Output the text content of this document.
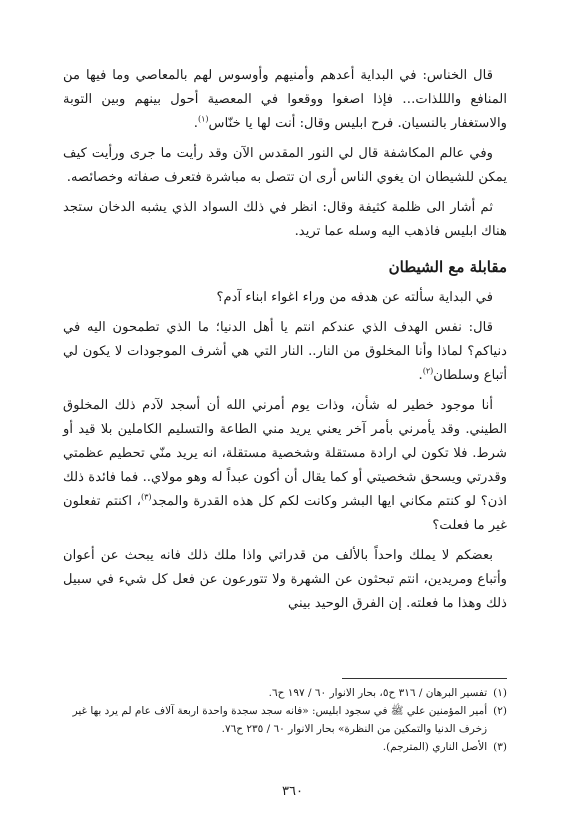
قال الخناس: في البداية أعدهم وأمنيهم وأوسوس لهم بالمعاصي وما فيها من المنافع والللذات… فإذا اصغوا ووقعوا في المعصية أحول بينهم وبين التوبة والاستغفار بالنسيان. فرح ابليس وقال: أنت لها يا خنّاس$^{(١)}$.

وفي عالم المكاشفة قال لي النور المقدس الآن وقد رأيت ما جرى ورأيت كيف يمكن للشيطان ان يغوي الناس أرى ان تتصل به مباشرة فتعرف صفاته وخصائصه.

ثم أشار الى ظلمة كثيفة وقال: انظر في ذلك السواد الذي يشبه الدخان ستجد هناك ابليس فاذهب اليه وسله عما تريد.

مقابلة مع الشيطان

في البداية سألته عن هدفه من وراء اغواء ابناء آدم؟

قال: نفس الهدف الذي عندكم انتم يا أهل الدنيا؛ ما الذي تطمحون اليه في دنياكم؟ لماذا وأنا المخلوق من النار.. النار التي هي أشرف الموجودات لا يكون لي أتباع وسلطان$^{(٢)}$.

أنا موجود خطير له شأن، وذات يوم أمرني الله أن أسجد لآدم ذلك المخلوق الطيني. وقد يأمرني بأمر آخر يعني يريد مني الطاعة والتسليم الكاملين بلا قيد أو شرط. فلا تكون لي ارادة مستقلة وشخصية مستقلة، انه يريد منّي تحطيم عظمتي وقدرتي ويسحق شخصيتي أو كما يقال أن أكون عبداً له وهو مولاي.. فما فائدة ذلك اذن؟ لو كنتم مكاني ايها البشر وكانت لكم كل هذه القدرة والمجد$^{(٣)}$، اكنتم تفعلون غير ما فعلت؟

بعضكم لا يملك واحداً بالألف من قدراتي واذا ملك ذلك فانه يبحث عن أعوان وأتباع ومريدين، انتم تبحثون عن الشهرة ولا تتورعون عن فعل كل شيء في سبيل ذلك وهذا ما فعلته. إن الفرق الوحيد بيني

(١)
تفسير البرهان / ٣١٦ ح٥، بحار الانوار ٦٠ / ١٩٧ ح٦.
(٢)
أمير المؤمنين علي ﷺ في سجود ابليس: «فانه سجد سجدة واحدة اربعة آلاف عام لم يرد بها غير زخرف الدنيا والتمكين من النظرة» بحار الانوار ٦٠ / ٢٣٥ ح٧٦.
(٣)
الأصل الناري (المترجم).
٣٦٠
